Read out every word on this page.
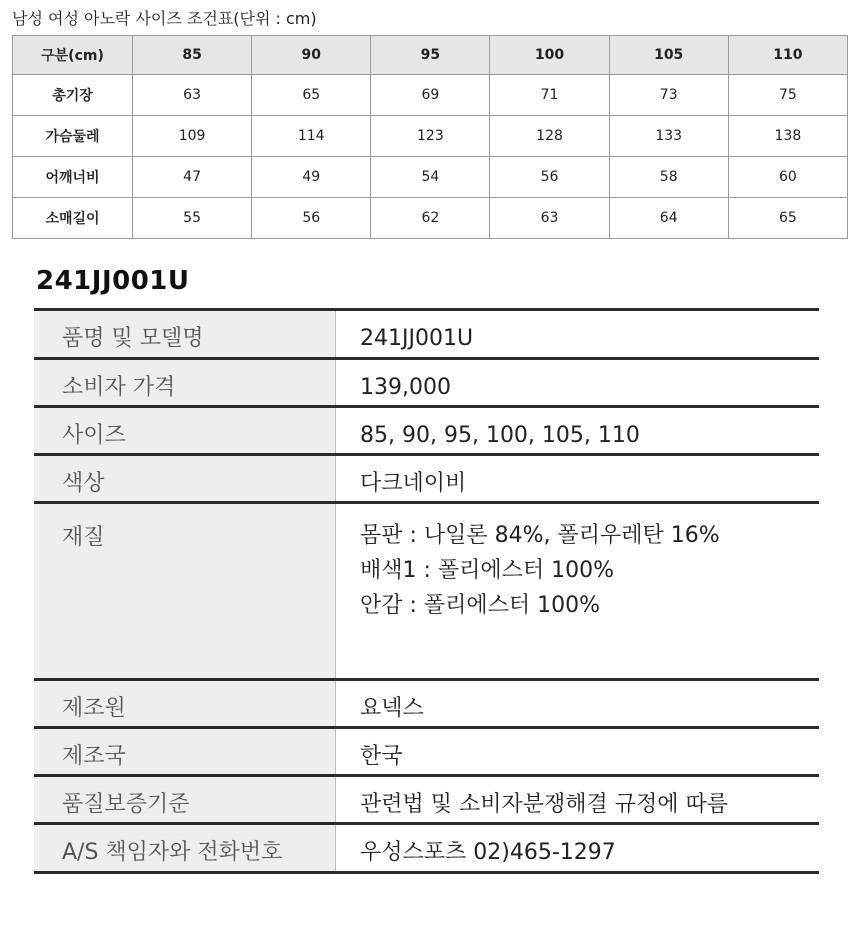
남성 여성 아노락 사이즈 조건표(단위 : cm)
구분(cm)	85	90	95	100	105	110
총기장	63	65	69	71	73	75
가슴둘레	109	114	123	128	133	138
어깨너비	47	49	54	56	58	60
소매길이	55	56	62	63	64	65
241JJ001U
품명 및 모델명	241JJ001U
소비자 가격	139,000
사이즈	85, 90, 95, 100, 105, 110
색상	다크네이비
재질	몸판 : 나일론 84%, 폴리우레탄 16%
배색1 : 폴리에스터 100%
안감 : 폴리에스터 100%
제조원	요넥스
제조국	한국
품질보증기준	관련법 및 소비자분쟁해결 규정에 따름
A/S 책임자와 전화번호	우성스포츠 02)465-1297
